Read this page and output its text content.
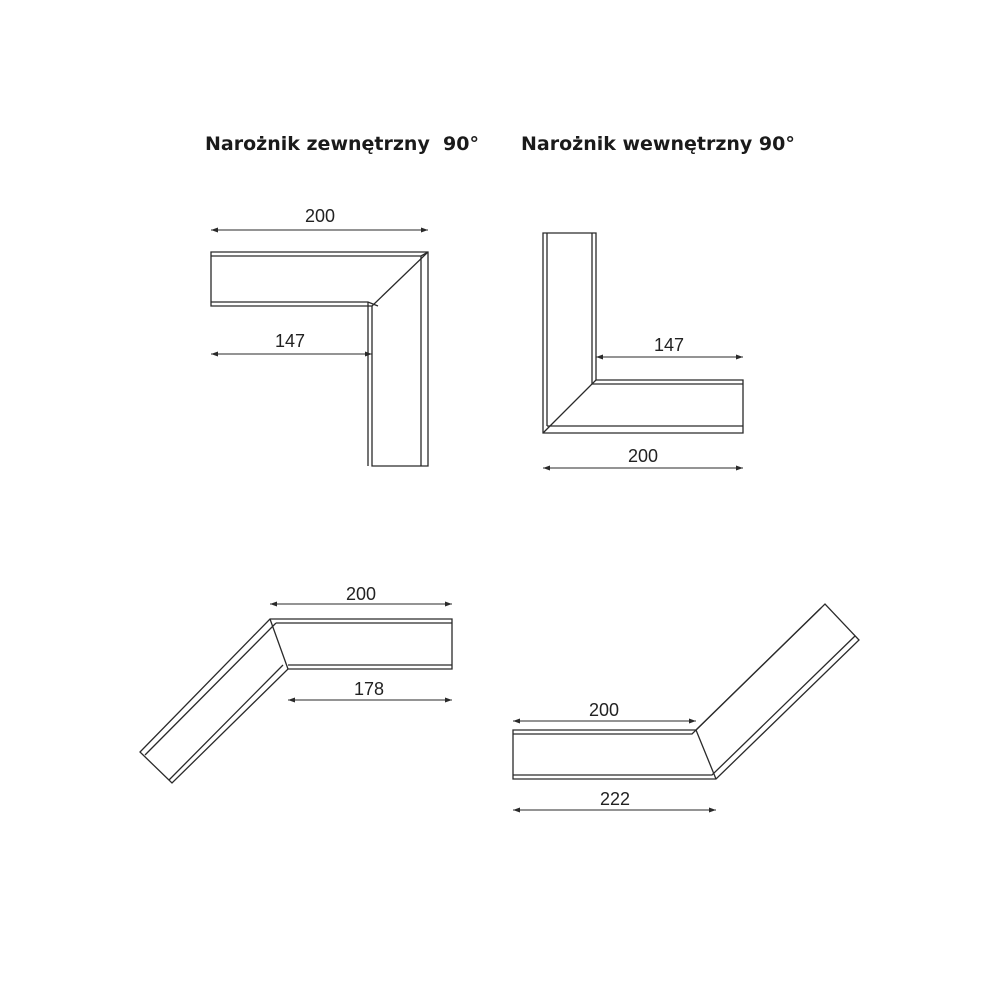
Narożnik zewnętrzny  90° Narożnik wewnętrzny 90°
200
147	147
200
200
178
200
222
